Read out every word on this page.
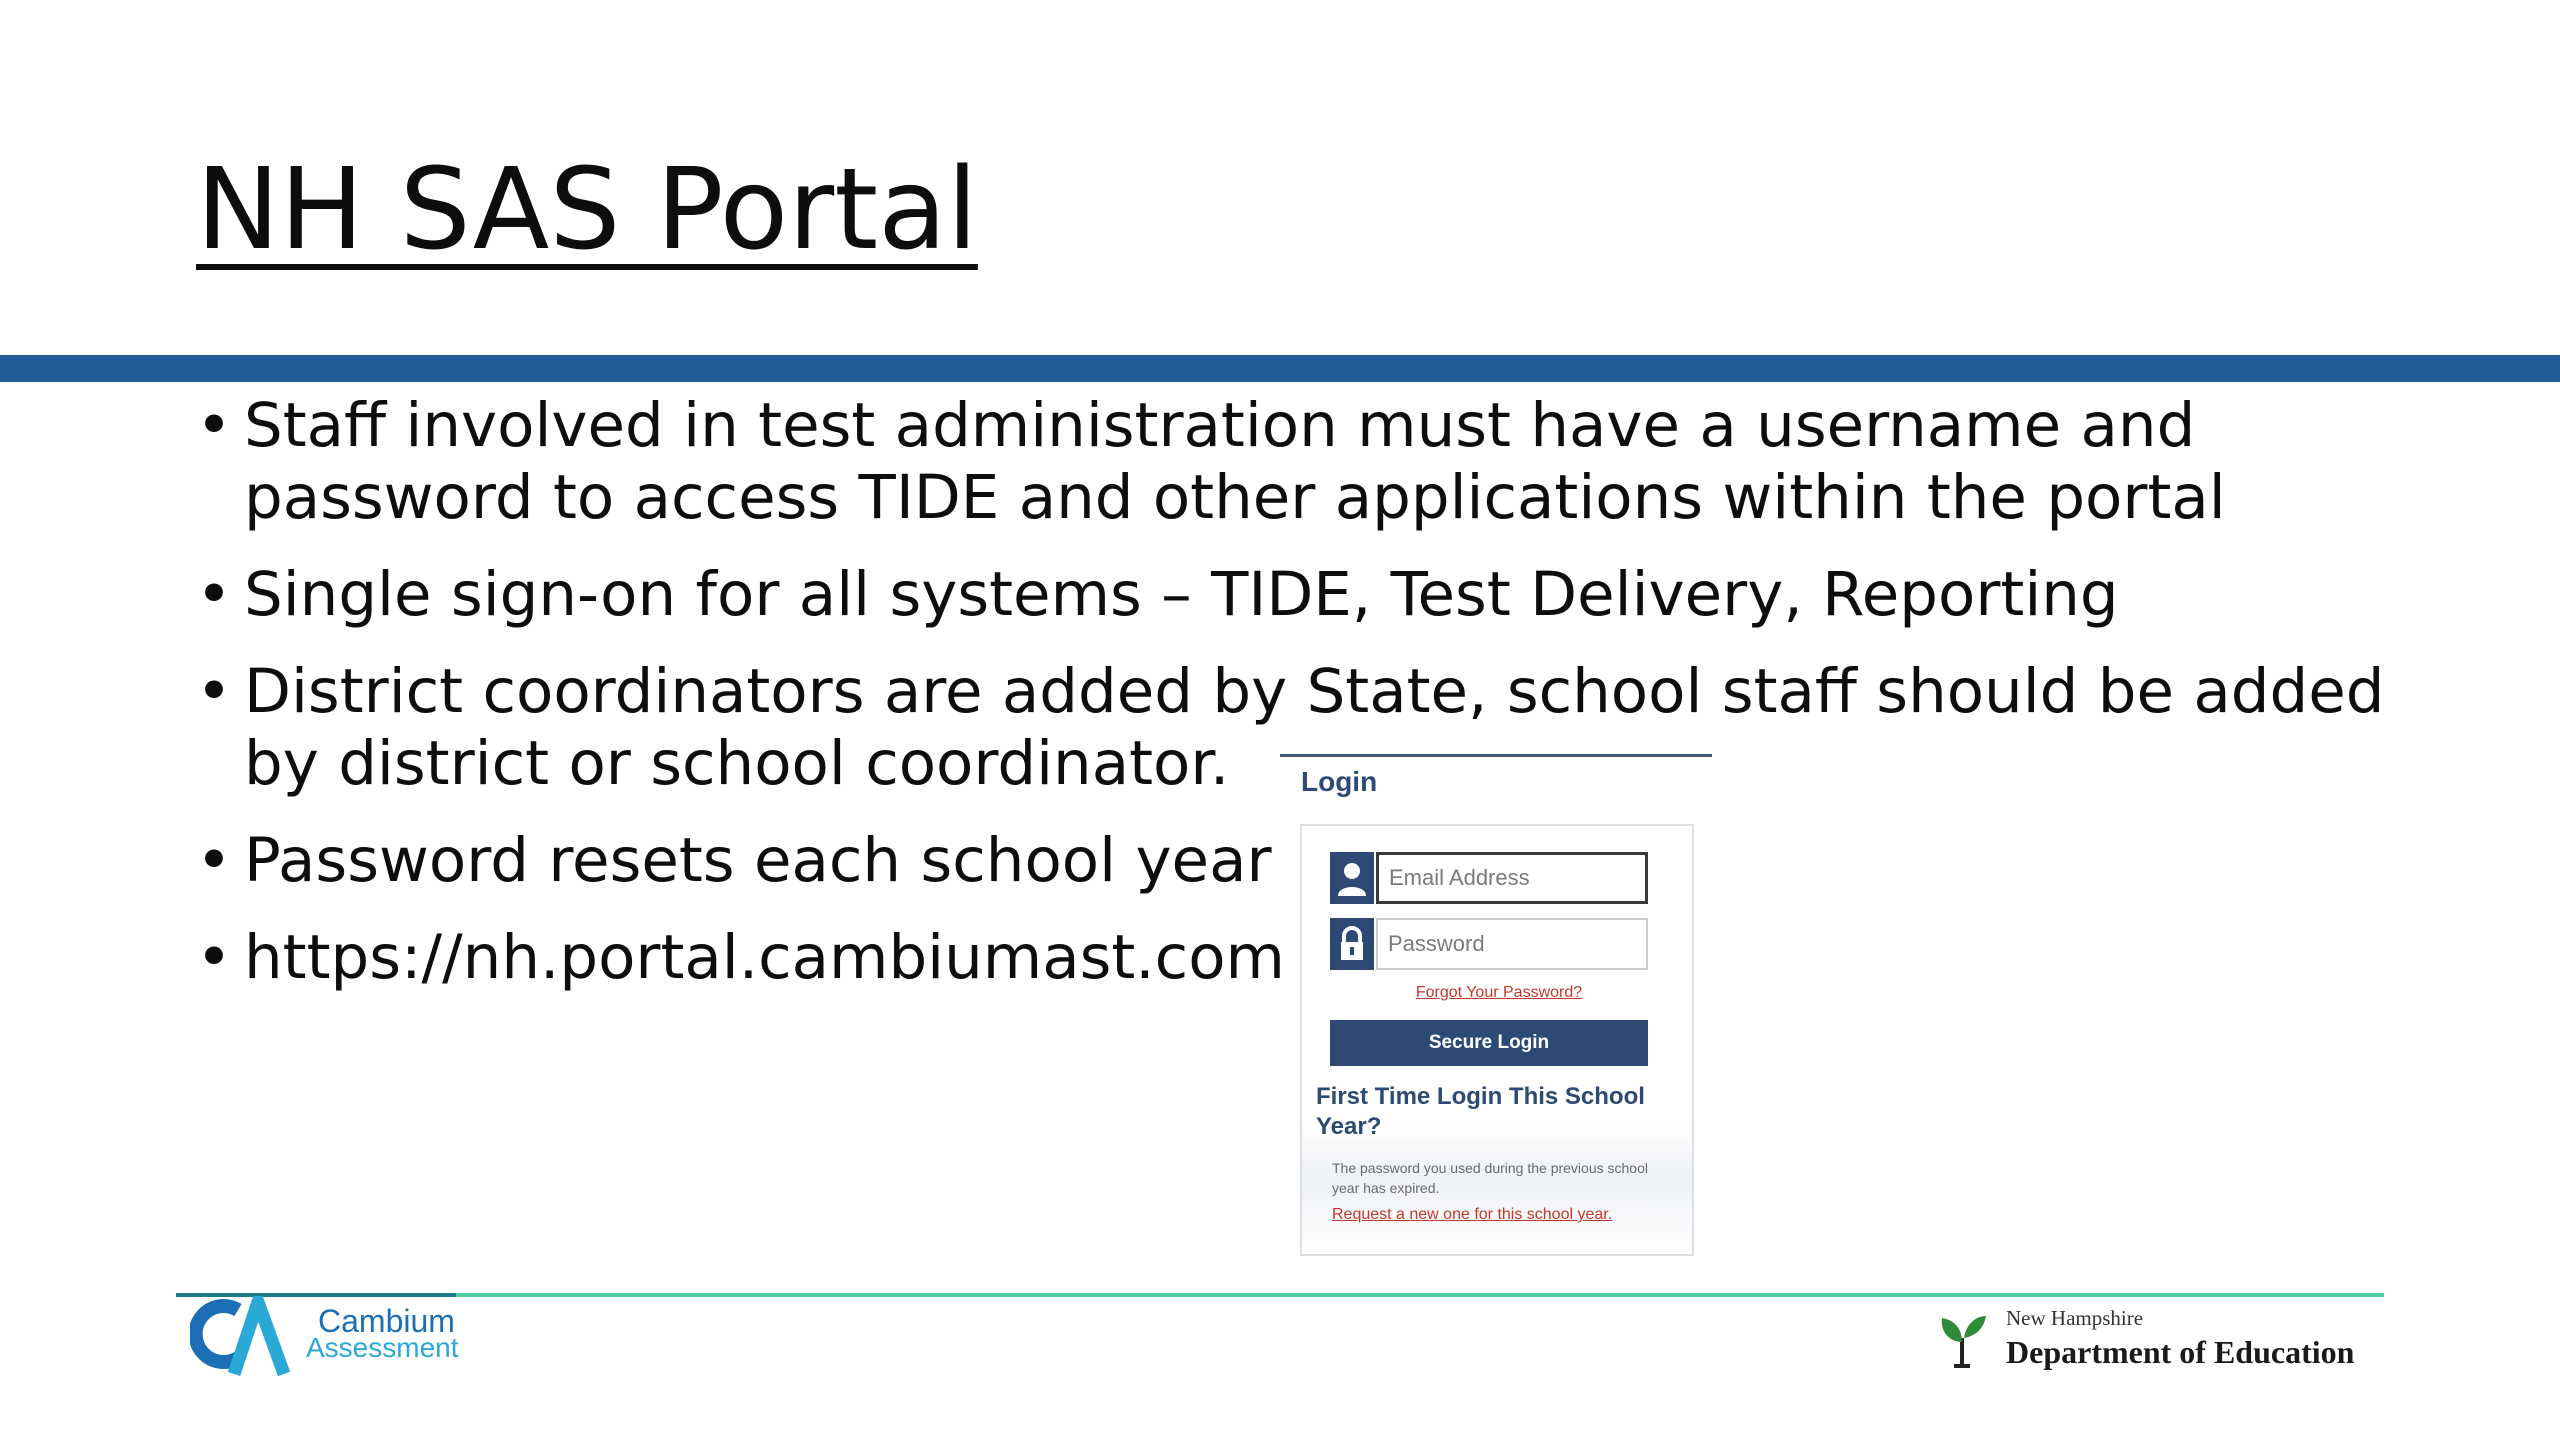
NH SAS Portal
• Staff involved in test administration must have a username and password to access TIDE and other applications within the portal
• Single sign-on for all systems – TIDE, Test Delivery, Reporting
• District coordinators are added by State, school staff should be added by district or school coordinator.
• Password resets each school year
• https://nh.portal.cambiumast.com
Login
Email Address
Forgot Your Password?
Secure Login
First Time Login This School Year?
The password you used during the previous school year has expired.
Request a new one for this school year.
Cambium
Assessment
New Hampshire
Department of Education
